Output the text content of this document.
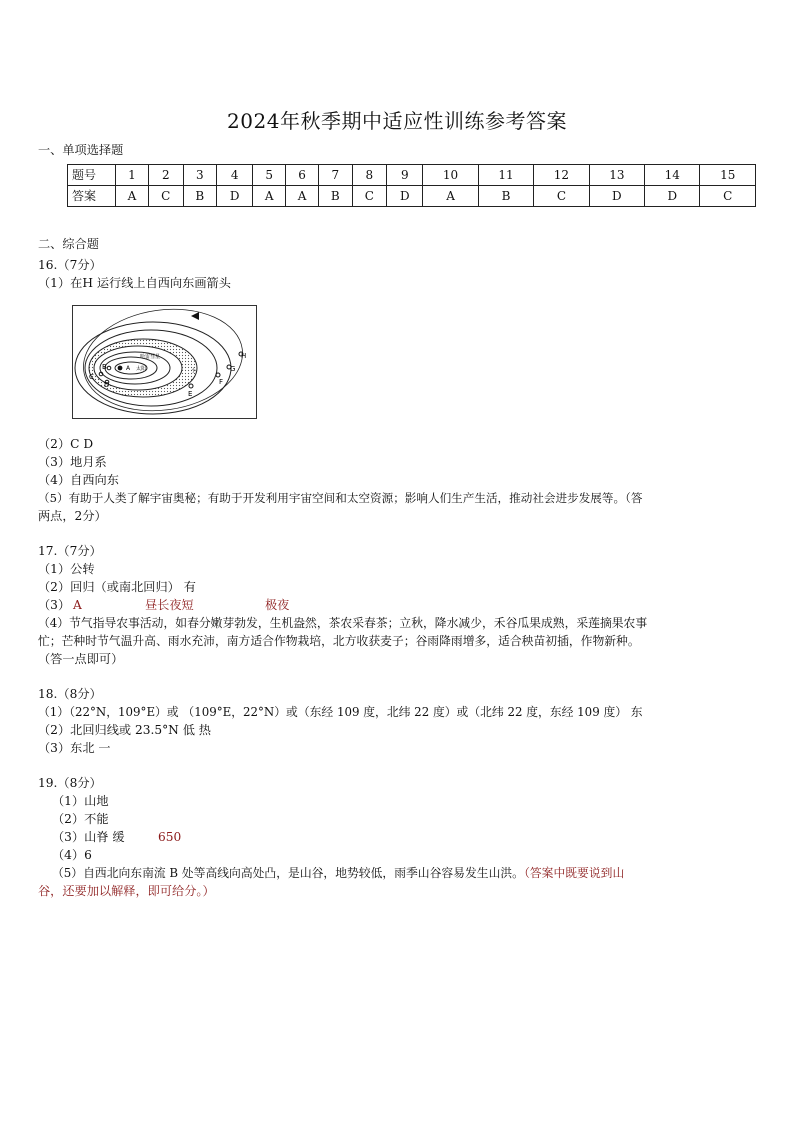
2024年秋季期中适应性训练参考答案
一、单项选择题
题号	1	2	3	4	5	6	7	8	9	10	11	12	13	14	15
答案	A	C	B	D	A	A	B	C	D	A	B	C	D	D	C
二、综合题
16.（7分）
（1）在H 运行线上自西向东画箭头
哈雷彗星
A 太阳
B
C
D
E
F
G
H
小
（2）C D
（3）地月系
（4）自西向东
（5）有助于人类了解宇宙奥秘；有助于开发利用宇宙空间和太空资源；影响人们生产生活，推动社会进步发展等。（答
两点，2分）
17.（7分）
（1）公转
（2）回归（或南北回归） 有
（3） A	昼长夜短	极夜
（4）节气指导农事活动，如春分嫩芽勃发，生机盎然，茶农采春茶；立秋，降水减少，禾谷瓜果成熟，采莲摘果农事
忙；芒种时节气温升高、雨水充沛，南方适合作物栽培，北方收获麦子；谷雨降雨增多，适合秧苗初插，作物新种。
（答一点即可）
18.（8分）
（1）（22°N，109°E）或 （109°E，22°N）或（东经 109 度，北纬 22 度）或（北纬 22 度，东经 109 度） 东
（2）北回归线或 23.5°N 低 热
（3）东北 一
19.（8分）
（1）山地
（2）不能
（3）山脊 缓	650
（4）6
（5）自西北向东南流 B 处等高线向高处凸，是山谷，地势较低，雨季山谷容易发生山洪。（答案中既要说到山
谷，还要加以解释，即可给分。）
